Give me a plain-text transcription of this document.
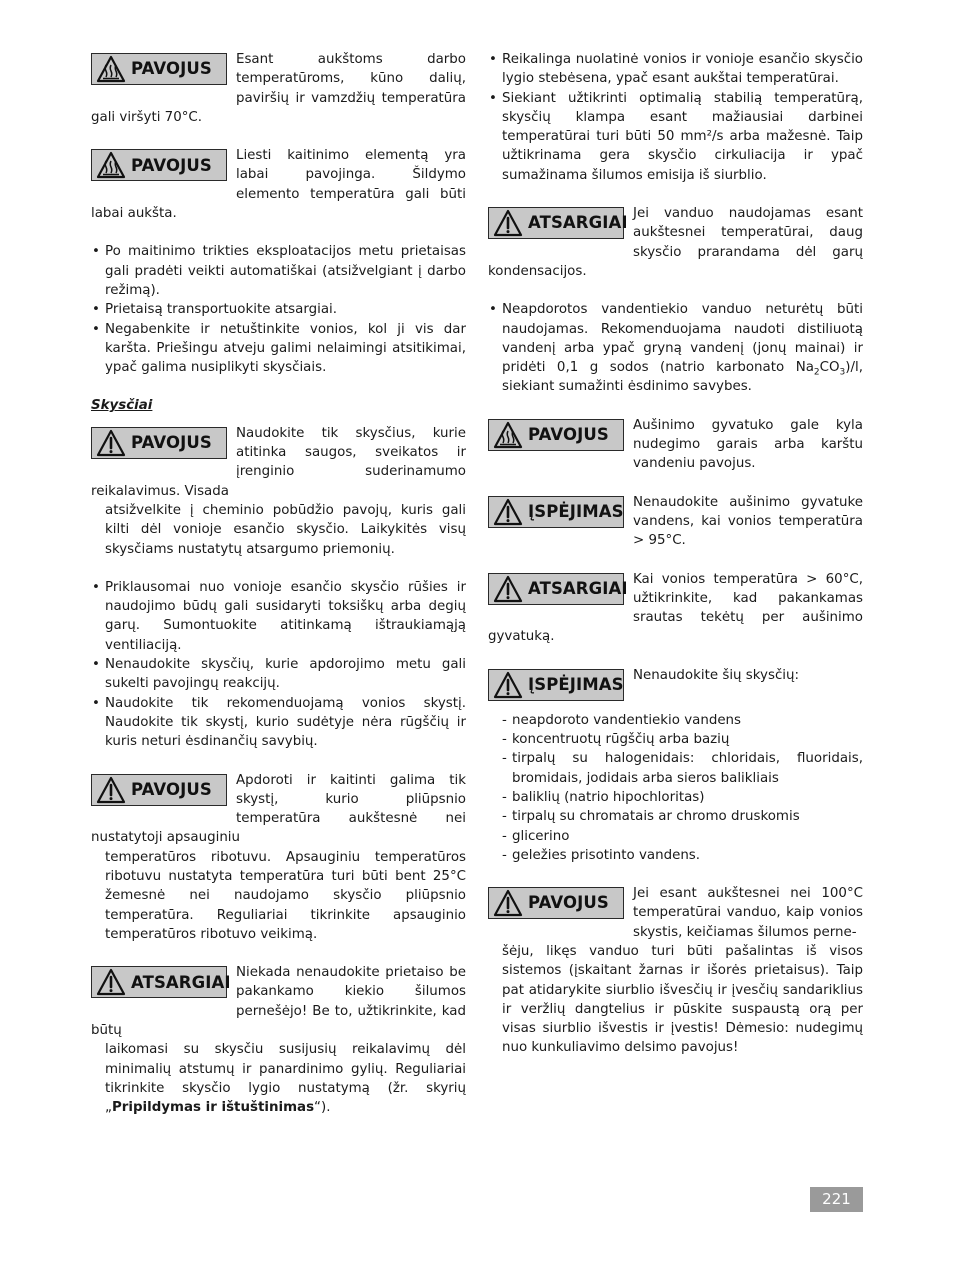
PAVOJUS	Esant aukštoms darbo temperatūroms, kūno dalių, paviršių ir vamzdžių temperatūra gali viršyti 70°C.
PAVOJUS	Liesti kaitinimo elementą yra labai pavojinga. Šildymo elemento temperatūra gali būti labai aukšta.
• Po maitinimo trikties eksploatacijos metu prietaisas gali pradėti veikti automatiškai (atsižvelgiant į darbo režimą).
• Prietaisą transportuokite atsargiai.
• Negabenkite ir netuštinkite vonios, kol ji vis dar karšta. Priešingu atveju galimi nelaimingi atsitikimai, ypač galima nusiplikyti skysčiais.
Skysčiai
PAVOJUS	Naudokite tik skysčius, kurie atitinka saugos, sveikatos ir įrenginio suderinamumo reikalavimus. Visada
atsižvelkite į cheminio pobūdžio pavojų, kuris gali kilti dėl vonioje esančio skysčio. Laikykitės visų skysčiams nustatytų atsargumo priemonių.
• Priklausomai nuo vonioje esančio skysčio rūšies ir naudojimo būdų gali susidaryti toksiškų arba degių garų. Sumontuokite atitinkamą ištraukiamąją ventiliaciją.
• Nenaudokite skysčių, kurie apdorojimo metu gali sukelti pavojingų reakcijų.
• Naudokite tik rekomenduojamą vonios skystį. Naudokite tik skystį, kurio sudėtyje nėra rūgščių ir kuris neturi ėsdinančių savybių.
PAVOJUS	Apdoroti ir kaitinti galima tik skystį, kurio pliūpsnio temperatūra aukštesnė nei nustatytoji apsauginiu
temperatūros ribotuvu. Apsauginiu temperatūros ribotuvu nustatyta temperatūra turi būti bent 25°C žemesnė nei naudojamo skysčio pliūpsnio temperatūra. Reguliariai tikrinkite apsauginio temperatūros ribotuvo veikimą.
ATSARGIAI Niekada nenaudokite prietaiso be pakankamo kiekio šilumos pernešėjo! Be to, užtikrinkite, kad būtų
laikomasi su skysčiu susijusių reikalavimų dėl minimalių atstumų ir panardinimo gylių. Reguliariai tikrinkite skysčio lygio nustatymą (žr. skyrių „Pripildymas ir ištuštinimas“).
• Reikalinga nuolatinė vonios ir vonioje esančio skysčio lygio stebėsena, ypač esant aukštai temperatūrai.
• Siekiant užtikrinti optimalią stabilią temperatūrą, skysčių klampa esant mažiausiai darbinei temperatūrai turi būti 50 mm²/s arba mažesnė. Taip užtikrinama gera skysčio cirkuliacija ir ypač sumažinama šilumos emisija iš siurblio.
ATSARGIAI Jei vanduo naudojamas esant aukštesnei temperatūrai, daug skysčio prarandama dėl garų kondensacijos.
• Neapdorotos vandentiekio vanduo neturėtų būti naudojamas. Rekomenduojama naudoti distiliuotą vandenį arba ypač gryną vandenį (jonų mainai) ir pridėti 0,1 g sodos (natrio karbonato $Na_2CO_3)/l$, siekiant sumažinti ėsdinimo savybes.
PAVOJUS	Aušinimo gyvatuko gale kyla nudegimo garais arba karštu vandeniu pavojus.
ĮSPĖJIMAS Nenaudokite aušinimo gyvatuke vandens, kai vonios temperatūra > 95°C.
ATSARGIAI Kai vonios temperatūra > 60°C, užtikrinkite, kad pakankamas srautas tekėtų per aušinimo gyvatuką.
ĮSPĖJIMAS Nenaudokite šių skysčių:
- neapdoroto vandentiekio vandens
- koncentruotų rūgščių arba bazių
- tirpalų su halogenidais: chloridais, fluoridais, bromidais, jodidais arba sieros balikliais
- baliklių (natrio hipochloritas)
- tirpalų su chromatais ar chromo druskomis
- glicerino
- geležies prisotinto vandens.
PAVOJUS	Jei esant aukštesnei nei 100°C temperatūrai vanduo, kaip vonios skystis, keičiamas šilumos perne-
šėju, likęs vanduo turi būti pašalintas iš visos sistemos (įskaitant žarnas ir išorės prietaisus). Taip pat atidarykite siurblio išvesčių ir įvesčių sandariklius ir veržlių dangtelius ir pūskite suspaustą orą per visas siurblio išvestis ir įvestis! Dėmesio: nudegimų nuo kunkuliavimo delsimo pavojus!
221
